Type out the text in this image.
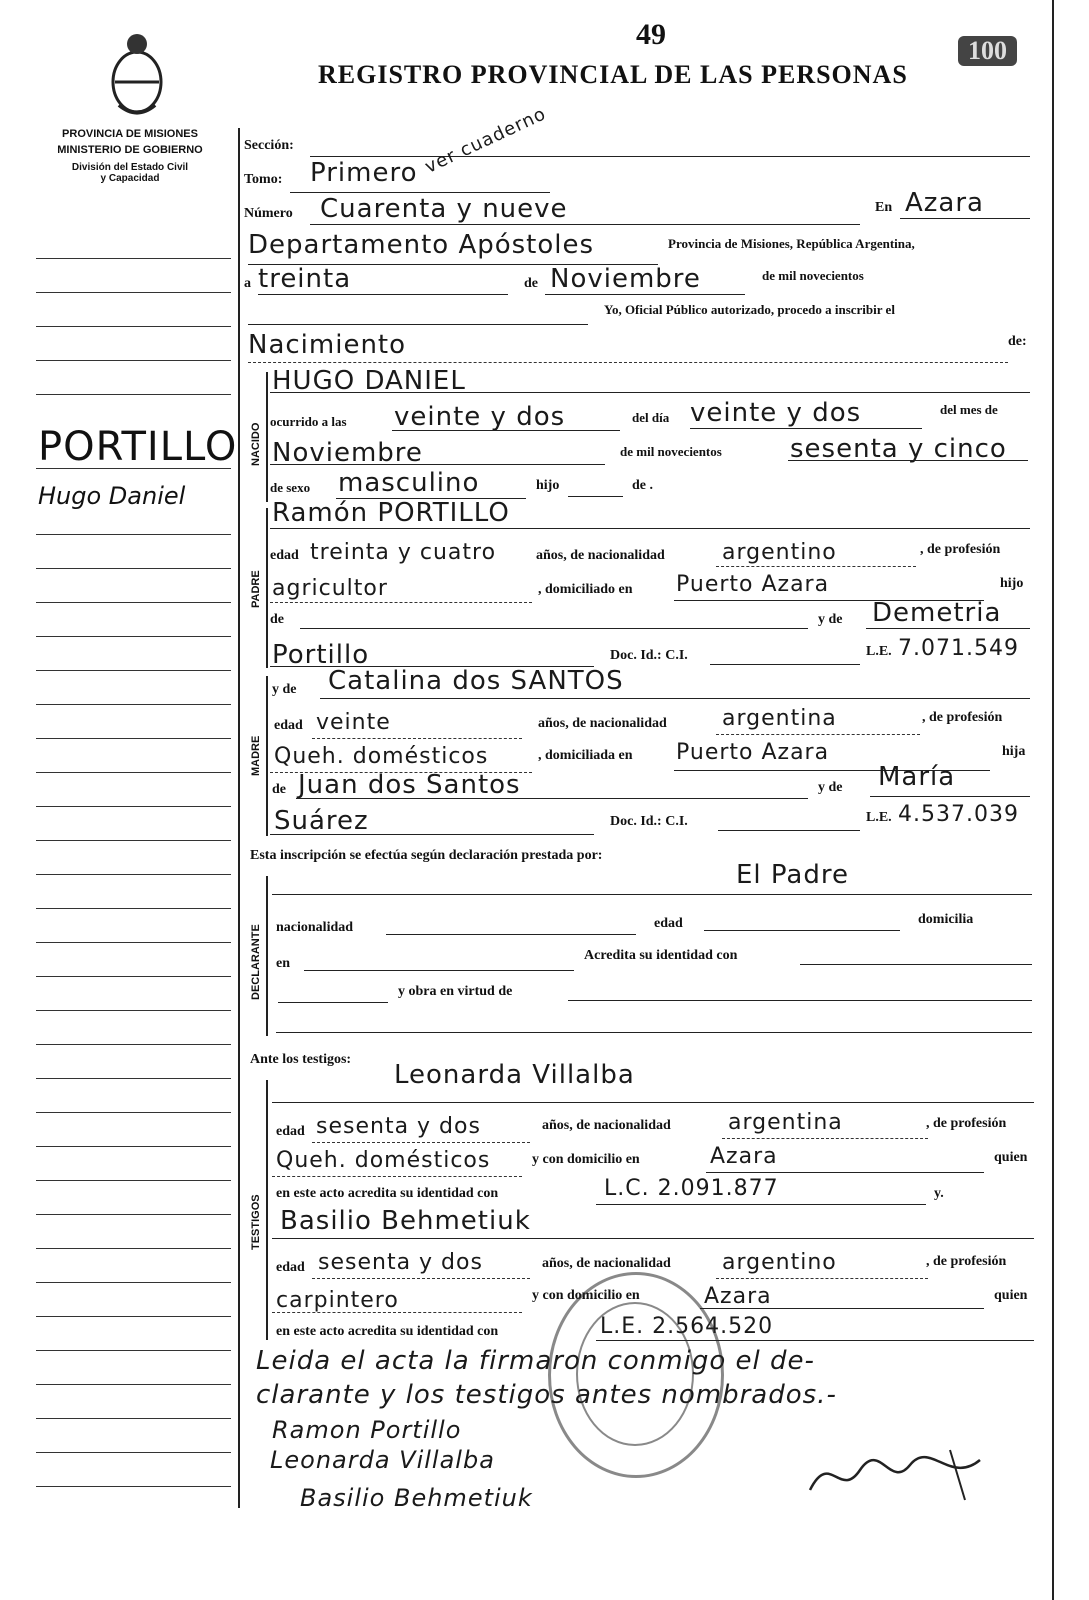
49	100
REGISTRO PROVINCIAL DE LAS PERSONAS
PROVINCIA DE MISIONES
MINISTERIO DE GOBIERNO
División del Estado Civil
y Capacidad
PORTILLO
Hugo Daniel
Sección:
Tomo: Primero ver cuaderno
Número Cuarenta y nueve	En Azara
Departamento Apóstoles	Provincia de Misiones, República Argentina,
a treinta	de Noviembre	de mil novecientos
Yo, Oficial Público autorizado, procedo a inscribir el
Nacimiento	de:
NACIDO
HUGO DANIEL
ocurrido a las veinte y dos	del día veinte y dos	del mes de
Noviembre	de mil novecientos	sesenta y cinco
de sexo masculino	hijo	de .
PADRE
Ramón PORTILLO
edad treinta y cuatro	años, de nacionalidad	argentino	, de profesión
agricultor	, domiciliado en Puerto Azara	hijo
de	y de Demetria
Portillo	Doc. Id.: C.I.	L.E. 7.071.549
MADRE
y de Catalina dos SANTOS
edad veinte	años, de nacionalidad	argentina	, de profesión
Queh. domésticos	, domiciliada en Puerto Azara	hija
de Juan dos Santos	y de María
Suárez	Doc. Id.: C.I.	L.E. 4.537.039
Esta inscripción se efectúa según declaración prestada por:
DECLARANTE
El Padre
nacionalidad	edad	domicilia
en
Acredita su identidad con
y obra en virtud de
Ante los testigos:
TESTIGOS
Leonarda Villalba
edad sesenta y dos	años, de nacionalidad	argentina	, de profesión
Queh. domésticos	y con domicilio en	Azara	quien
en este acto acredita su identidad con	L.C. 2.091.877	y.
Basilio Behmetiuk
edad sesenta y dos	años, de nacionalidad argentino	, de profesión
carpintero	y con domicilio en	Azara	quien
en este acto acredita su identidad con	L.E. 2.564.520
Leida el acta la firmaron conmigo el de-
clarante y los testigos antes nombrados.-
Ramon Portillo
Leonarda Villalba
Basilio Behmetiuk
